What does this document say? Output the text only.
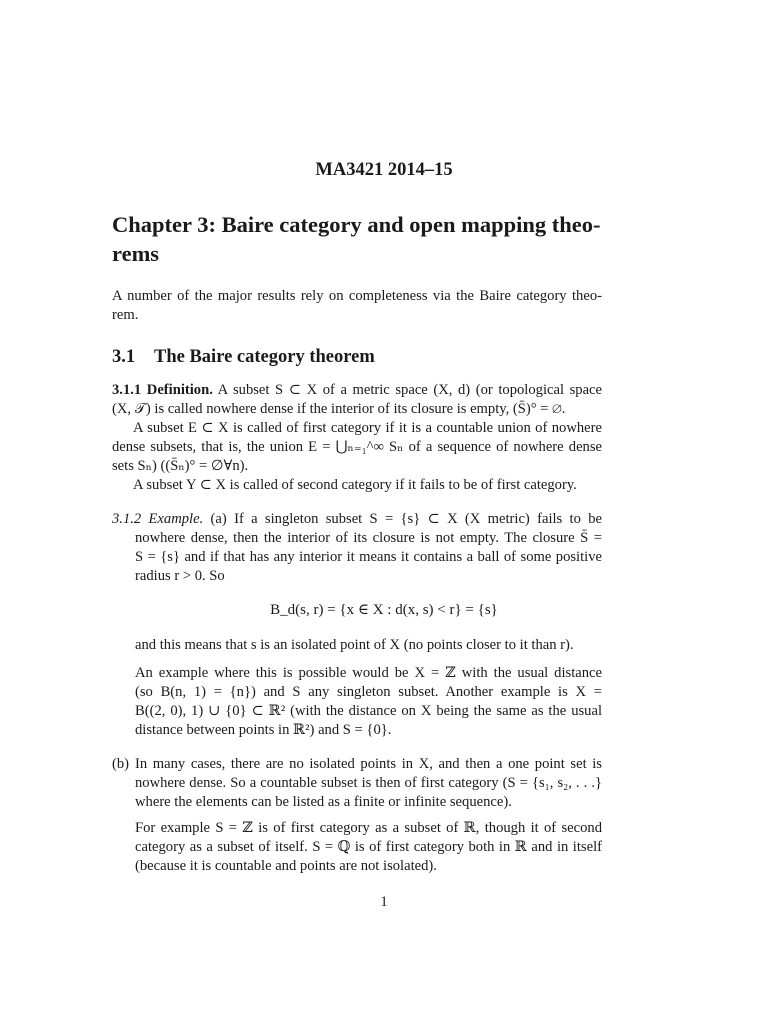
MA3421 2014–15
Chapter 3: Baire category and open mapping theo-
rems
A number of the major results rely on completeness via the Baire category theo-
rem.
3.1 The Baire category theorem
3.1.1 Definition. A subset S ⊂ X of a metric space (X, d) (or topological space
(X, 𝒯) is called nowhere dense if the interior of its closure is empty, (S̄)° = ∅.
A subset E ⊂ X is called of first category if it is a countable union of nowhere
dense subsets, that is, the union E = ⋃ₙ₌₁^∞ Sₙ of a sequence of nowhere dense
sets Sₙ) ((S̄ₙ)° = ∅∀n).
A subset Y ⊂ X is called of second category if it fails to be of first category.
3.1.2 Example. (a) If a singleton subset S = {s} ⊂ X (X metric) fails to be
nowhere dense, then the interior of its closure is not empty. The closure S̄ =
S = {s} and if that has any interior it means it contains a ball of some positive
radius r > 0. So
B_d(s, r) = {x ∈ X : d(x, s) < r} = {s}
and this means that s is an isolated point of X (no points closer to it than r).
An example where this is possible would be X = ℤ with the usual distance
(so B(n, 1) = {n}) and S any singleton subset. Another example is X =
B((2, 0), 1) ∪ {0} ⊂ ℝ² (with the distance on X being the same as the usual
distance between points in ℝ²) and S = {0}.
(b) In many cases, there are no isolated points in X, and then a one point set is
nowhere dense. So a countable subset is then of first category (S = {s₁, s₂, . . .}
where the elements can be listed as a finite or infinite sequence).
For example S = ℤ is of first category as a subset of ℝ, though it of second
category as a subset of itself. S = ℚ is of first category both in ℝ and in itself
(because it is countable and points are not isolated).
1
